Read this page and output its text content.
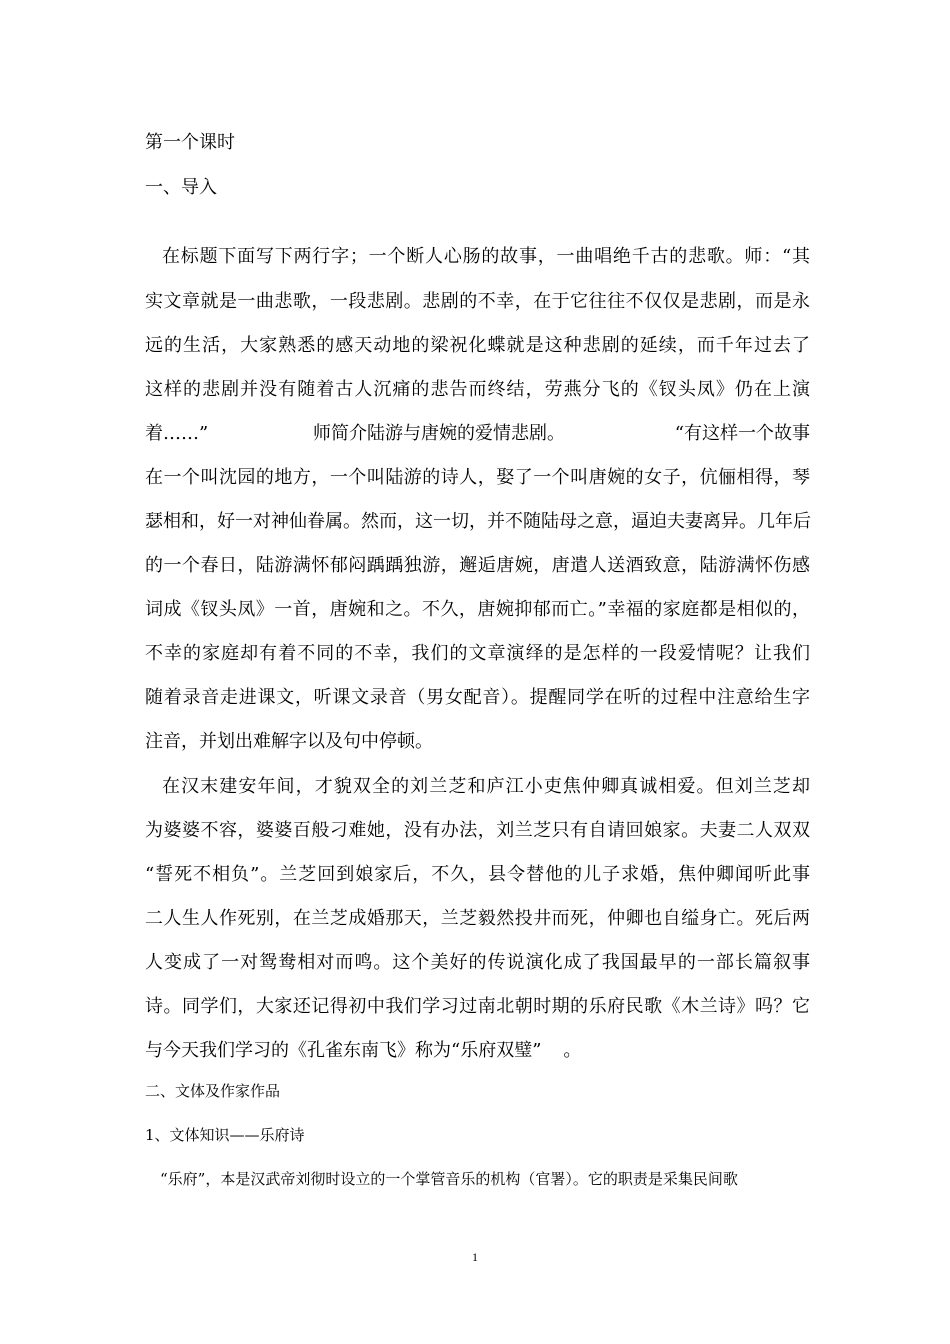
第一个课时
一、导入
在标题下面写下两行字；一个断人心肠的故事，一曲唱绝千古的悲歌。师：“其
实文章就是一曲悲歌，一段悲剧。悲剧的不幸，在于它往往不仅仅是悲剧，而是永
远的生活，大家熟悉的感天动地的梁祝化蝶就是这种悲剧的延续，而千年过去了
这样的悲剧并没有随着古人沉痛的悲告而终结，劳燕分飞的《钗头凤》仍在上演
着……”	师简介陆游与唐婉的爱情悲剧。	“有这样一个故事
在一个叫沈园的地方，一个叫陆游的诗人，娶了一个叫唐婉的女子，伉俪相得，琴
瑟相和，好一对神仙眷属。然而，这一切，并不随陆母之意，逼迫夫妻离异。几年后
的一个春日，陆游满怀郁闷踽踽独游，邂逅唐婉，唐遣人送酒致意，陆游满怀伤感
词成《钗头凤》一首，唐婉和之。不久，唐婉抑郁而亡。”幸福的家庭都是相似的，
不幸的家庭却有着不同的不幸，我们的文章演绎的是怎样的一段爱情呢？让我们
随着录音走进课文，听课文录音（男女配音）。提醒同学在听的过程中注意给生字
注音，并划出难解字以及句中停顿。
在汉末建安年间，才貌双全的刘兰芝和庐江小吏焦仲卿真诚相爱。但刘兰芝却
为婆婆不容，婆婆百般刁难她，没有办法，刘兰芝只有自请回娘家。夫妻二人双双
“誓死不相负”。兰芝回到娘家后，不久，县令替他的儿子求婚，焦仲卿闻听此事
二人生人作死别，在兰芝成婚那天，兰芝毅然投井而死，仲卿也自缢身亡。死后两
人变成了一对鸳鸯相对而鸣。这个美好的传说演化成了我国最早的一部长篇叙事
诗。同学们，大家还记得初中我们学习过南北朝时期的乐府民歌《木兰诗》吗？它
与今天我们学习的《孔雀东南飞》称为“乐府双璧” 。
二、文体及作家作品
1、文体知识——乐府诗
“乐府”，本是汉武帝刘彻时设立的一个掌管音乐的机构（官署）。它的职责是采集民间歌
1
